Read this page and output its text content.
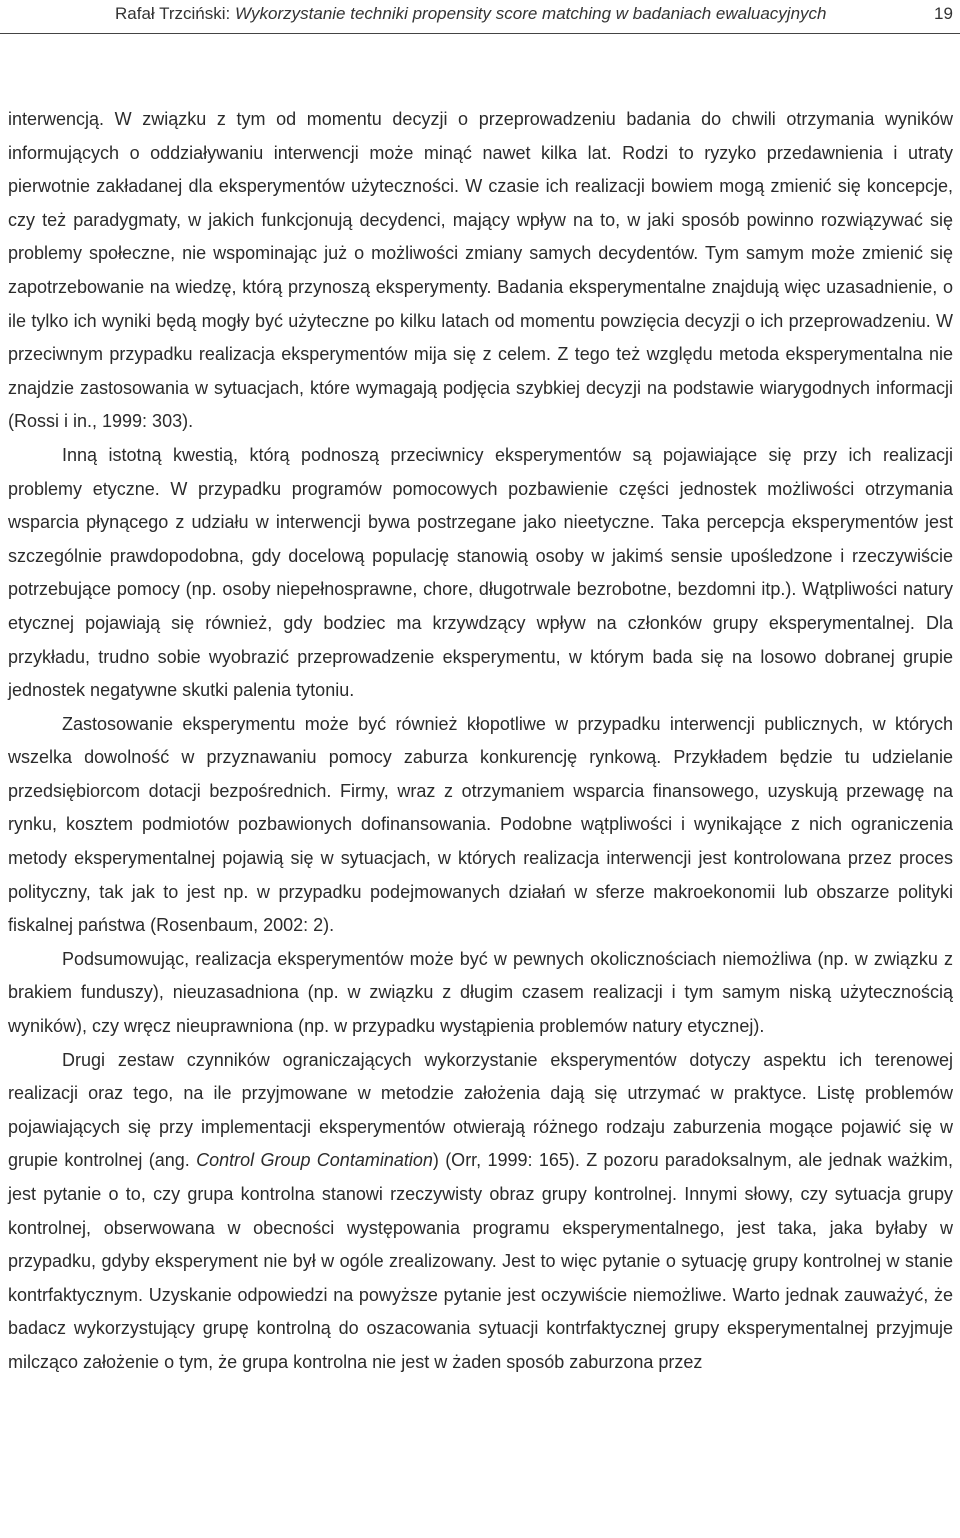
Rafał Trzciński: Wykorzystanie techniki propensity score matching w badaniach ewaluacyjnych	19

interwencją. W związku z tym od momentu decyzji o przeprowadzeniu badania do chwili otrzymania wyników informujących o oddziaływaniu interwencji może minąć nawet kilka lat. Rodzi to ryzyko przedawnienia i utraty pierwotnie zakładanej dla eksperymentów użyteczności. W czasie ich realizacji bowiem mogą zmienić się koncepcje, czy też paradygmaty, w jakich funkcjonują decydenci, mający wpływ na to, w jaki sposób powinno rozwiązywać się problemy społeczne, nie wspominając już o możliwości zmiany samych decydentów. Tym samym może zmienić się zapotrzebowanie na wiedzę, którą przynoszą eksperymenty. Badania eksperymentalne znajdują więc uzasadnienie, o ile tylko ich wyniki będą mogły być użyteczne po kilku latach od momentu powzięcia decyzji o ich przeprowadzeniu. W przeciwnym przypadku realizacja eksperymentów mija się z celem. Z tego też względu metoda eksperymentalna nie znajdzie zastosowania w sytuacjach, które wymagają podjęcia szybkiej decyzji na podstawie wiarygodnych informacji (Rossi i in., 1999: 303).

Inną istotną kwestią, którą podnoszą przeciwnicy eksperymentów są pojawiające się przy ich realizacji problemy etyczne. W przypadku programów pomocowych pozbawienie części jednostek możliwości otrzymania wsparcia płynącego z udziału w interwencji bywa postrzegane jako nieetyczne. Taka percepcja eksperymentów jest szczególnie prawdopodobna, gdy docelową populację stanowią osoby w jakimś sensie upośledzone i rzeczywiście potrzebujące pomocy (np. osoby niepełnosprawne, chore, długotrwale bezrobotne, bezdomni itp.). Wątpliwości natury etycznej pojawiają się również, gdy bodziec ma krzywdzący wpływ na członków grupy eksperymentalnej. Dla przykładu, trudno sobie wyobrazić przeprowadzenie eksperymentu, w którym bada się na losowo dobranej grupie jednostek negatywne skutki palenia tytoniu.

Zastosowanie eksperymentu może być również kłopotliwe w przypadku interwencji publicznych, w których wszelka dowolność w przyznawaniu pomocy zaburza konkurencję rynkową. Przykładem będzie tu udzielanie przedsiębiorcom dotacji bezpośrednich. Firmy, wraz z otrzymaniem wsparcia finansowego, uzyskują przewagę na rynku, kosztem podmiotów pozbawionych dofinansowania. Podobne wątpliwości i wynikające z nich ograniczenia metody eksperymentalnej pojawią się w sytuacjach, w których realizacja interwencji jest kontrolowana przez proces polityczny, tak jak to jest np. w przypadku podejmowanych działań w sferze makroekonomii lub obszarze polityki fiskalnej państwa (Rosenbaum, 2002: 2).

Podsumowując, realizacja eksperymentów może być w pewnych okolicznościach niemożliwa (np. w związku z brakiem funduszy), nieuzasadniona (np. w związku z długim czasem realizacji i tym samym niską użytecznością wyników), czy wręcz nieuprawniona (np. w przypadku wystąpienia problemów natury etycznej).

Drugi zestaw czynników ograniczających wykorzystanie eksperymentów dotyczy aspektu ich terenowej realizacji oraz tego, na ile przyjmowane w metodzie założenia dają się utrzymać w praktyce. Listę problemów pojawiających się przy implementacji eksperymentów otwierają różnego rodzaju zaburzenia mogące pojawić się w grupie kontrolnej (ang. Control Group Contamination) (Orr, 1999: 165). Z pozoru paradoksalnym, ale jednak ważkim, jest pytanie o to, czy grupa kontrolna stanowi rzeczywisty obraz grupy kontrolnej. Innymi słowy, czy sytuacja grupy kontrolnej, obserwowana w obecności występowania programu eksperymentalnego, jest taka, jaka byłaby w przypadku, gdyby eksperyment nie był w ogóle zrealizowany. Jest to więc pytanie o sytuację grupy kontrolnej w stanie kontrfaktycznym. Uzyskanie odpowiedzi na powyższe pytanie jest oczywiście niemożliwe. Warto jednak zauważyć, że badacz wykorzystujący grupę kontrolną do oszacowania sytuacji kontrfaktycznej grupy eksperymentalnej przyjmuje milcząco założenie o tym, że grupa kontrolna nie jest w żaden sposób zaburzona przez
